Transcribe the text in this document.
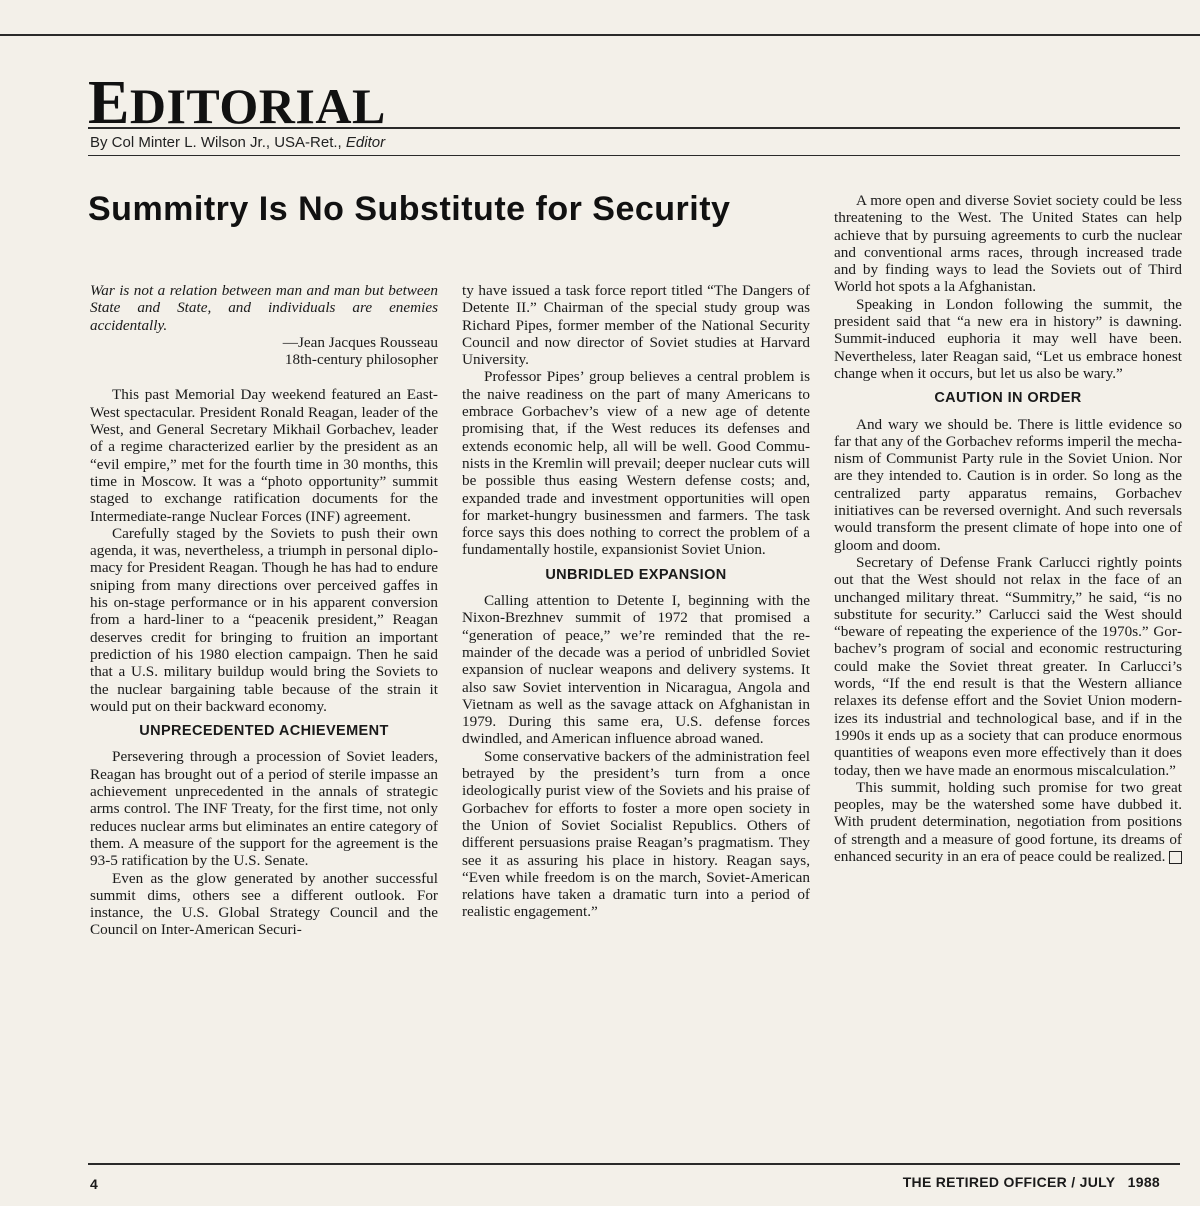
EDITORIAL
By Col Minter L. Wilson Jr., USA-Ret., Editor
Summitry Is No Substitute for Security

War is not a relation between man and man but between State and State, and individuals are enemies accidentally.

—Jean Jacques Rousseau

18th-century philosopher

This past Memorial Day weekend featured an East-West spectacular. President Ronald Reagan, leader of the West, and General Secretary Mikhail Gorbachev, leader of a regime characterized earlier by the president as an “evil empire,” met for the fourth time in 30 months, this time in Moscow. It was a “photo opportunity” summit staged to exchange ratification documents for the Intermediate-range Nuclear Forces (INF) agreement.

Carefully staged by the Soviets to push their own agenda, it was, nevertheless, a triumph in personal diplomacy for President Reagan. Though he has had to endure sniping from many directions over perceived gaffes in his on-stage performance or in his apparent conversion from a hard-liner to a “peacenik president,” Reagan deserves credit for bringing to fruition an important prediction of his 1980 election campaign. Then he said that a U.S. military buildup would bring the Soviets to the nuclear bargaining table because of the strain it would put on their backward economy.

UNPRECEDENTED ACHIEVEMENT

Persevering through a procession of Soviet leaders, Reagan has brought out of a period of sterile impasse an achievement unprecedented in the annals of strategic arms control. The INF Treaty, for the first time, not only reduces nuclear arms but eliminates an entire category of them. A measure of the support for the agreement is the 93-5 ratification by the U.S. Senate.

Even as the glow generated by another successful summit dims, others see a different outlook. For instance, the U.S. Global Strategy Council and the Council on Inter-American Securi-

ty have issued a task force report titled “The Dangers of Detente II.” Chairman of the special study group was Richard Pipes, former member of the National Security Council and now director of Soviet studies at Harvard University.

Professor Pipes’ group believes a central problem is the naive readiness on the part of many Americans to embrace Gorbachev’s view of a new age of detente promising that, if the West reduces its defenses and extends economic help, all will be well. Good Communists in the Kremlin will prevail; deeper nuclear cuts will be possible thus easing Western defense costs; and, expanded trade and investment opportunities will open for market-hungry businessmen and farmers. The task force says this does nothing to correct the problem of a fundamentally hostile, expansionist Soviet Union.

UNBRIDLED EXPANSION

Calling attention to Detente I, beginning with the Nixon-Brezhnev summit of 1972 that promised a “generation of peace,” we’re reminded that the remainder of the decade was a period of unbridled Soviet expansion of nuclear weapons and delivery systems. It also saw Soviet intervention in Nicaragua, Angola and Vietnam as well as the savage attack on Afghanistan in 1979. During this same era, U.S. defense forces dwindled, and American influence abroad waned.

Some conservative backers of the administration feel betrayed by the president’s turn from a once ideologically purist view of the Soviets and his praise of Gorbachev for efforts to foster a more open society in the Union of Soviet Socialist Republics. Others of different persuasions praise Reagan’s pragmatism. They see it as assuring his place in history. Reagan says, “Even while freedom is on the march, Soviet-American relations have taken a dramatic turn into a period of realistic engagement.”

A more open and diverse Soviet society could be less threatening to the West. The United States can help achieve that by pursuing agreements to curb the nuclear and conventional arms races, through increased trade and by finding ways to lead the Soviets out of Third World hot spots a la Afghanistan.

Speaking in London following the summit, the president said that “a new era in history” is dawning. Summit-induced euphoria it may well have been. Nevertheless, later Reagan said, “Let us embrace honest change when it occurs, but let us also be wary.”

CAUTION IN ORDER

And wary we should be. There is little evidence so far that any of the Gorbachev reforms imperil the mechanism of Communist Party rule in the Soviet Union. Nor are they intended to. Caution is in order. So long as the centralized party apparatus remains, Gorbachev initiatives can be reversed overnight. And such reversals would transform the present climate of hope into one of gloom and doom.

Secretary of Defense Frank Carlucci rightly points out that the West should not relax in the face of an unchanged military threat. “Summitry,” he said, “is no substitute for security.” Carlucci said the West should “beware of repeating the experience of the 1970s.” Gorbachev’s program of social and economic restructuring could make the Soviet threat greater. In Carlucci’s words, “If the end result is that the Western alliance relaxes its defense effort and the Soviet Union modernizes its industrial and technological base, and if in the 1990s it ends up as a society that can produce enormous quantities of weapons even more effectively than it does today, then we have made an enormous miscalculation.”

This summit, holding such promise for two great peoples, may be the watershed some have dubbed it. With prudent determination, negotiation from positions of strength and a measure of good fortune, its dreams of enhanced security in an era of peace could be realized.

4	THE RETIRED OFFICER / JULY   1988
